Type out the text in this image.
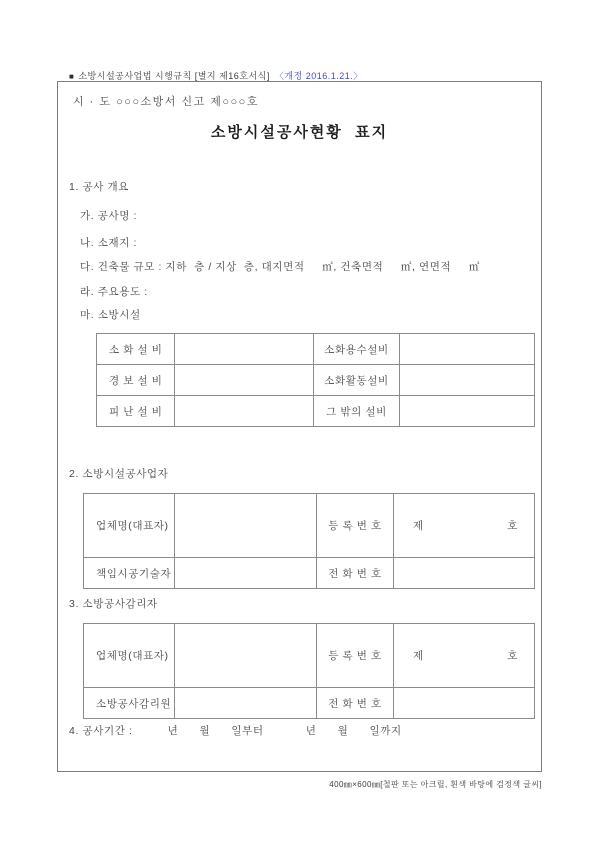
■ 소방시설공사업법 시행규칙 [별지 제16호서식] 〈개정 2016.1.21.〉

시 · 도 ○○○소방서 신고 제○○○호
소방시설공사현황  표지
1. 공사 개요
가. 공사명 :
나. 소재지 :
다. 건축물 규모 : 지하  층 / 지상  층, 대지면적     ㎡, 건축면적     ㎡, 연면적     ㎡
라. 주요용도 :
마. 소방시설
소 화 설 비		소화용수설비	
경 보 설 비		소화활동설비	
피 난 설 비		그 밖의 설비	
2. 소방시설공사업자
업체명(대표자)		등 록 번 호	제 호

책임시공기술자		전 화 번 호	
3. 소방공사감리자
업체명(대표자)		등 록 번 호	제 호

소방공사감리원		전 화 번 호	
4. 공사기간 :          년      월      일부터            년      월      일까지
400㎜×600㎜[철판 또는 아크릴, 흰색 바탕에 검정색 글씨]
